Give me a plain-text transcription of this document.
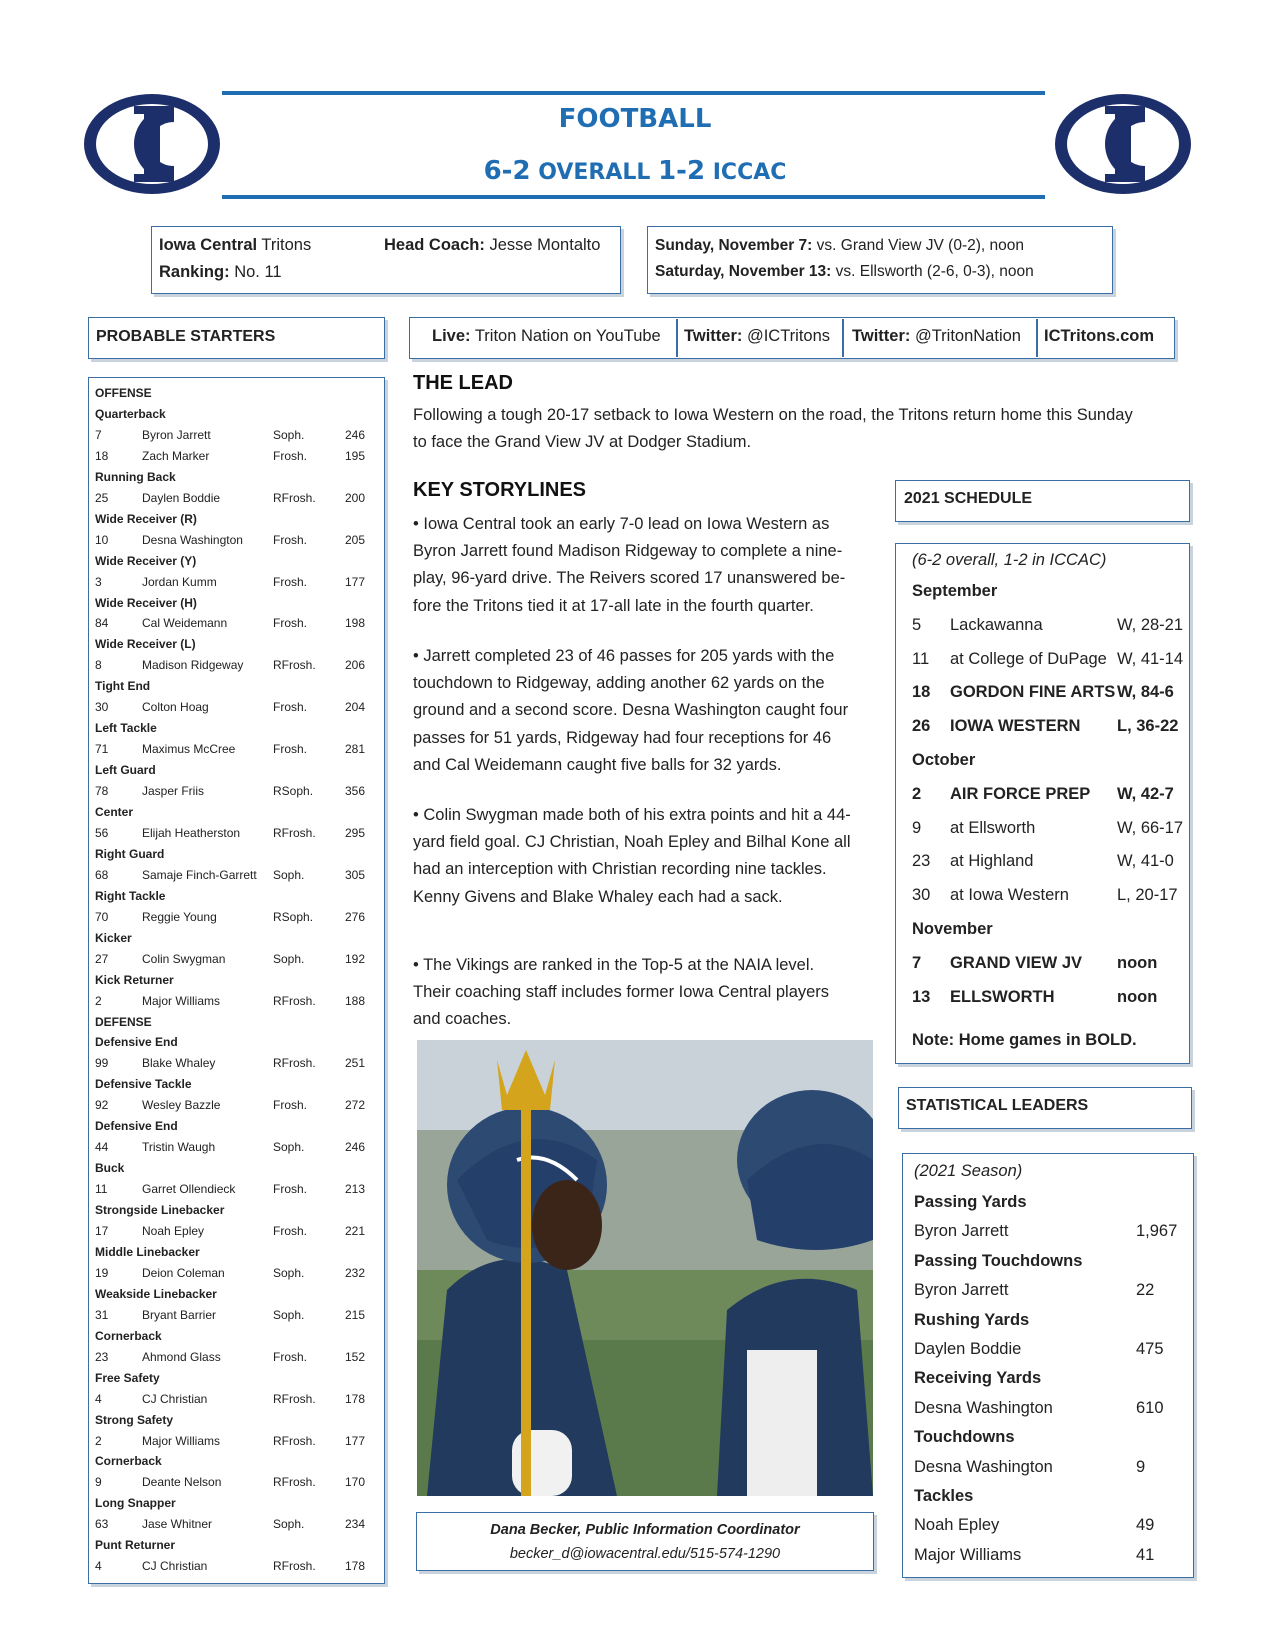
FOOTBALL
6-2 OVERALL 1-2 ICCAC
Iowa Central Tritons	Head Coach: Jesse Montalto
Ranking: No. 11
Sunday, November 7: vs. Grand View JV (0-2), noon
Saturday, November 13: vs. Ellsworth (2-6, 0-3), noon
PROBABLE STARTERS	Live: Triton Nation on YouTube Twitter: @ICTritons Twitter: @TritonNation ICTritons.com
OFFENSE
Quarterback
7	Byron Jarrett	Soph.	246
18	Zach Marker	Frosh.	195
Running Back
25	Daylen Boddie	RFrosh. 200
Wide Receiver (R)
10	Desna Washington	Frosh.	205
Wide Receiver (Y)
3	Jordan Kumm	Frosh.	177
Wide Receiver (H)
84	Cal Weidemann	Frosh.	198
Wide Receiver (L)
8	Madison Ridgeway RFrosh. 206
Tight End
30	Colton Hoag	Frosh.	204
Left Tackle
71	Maximus McCree	Frosh.	281
Left Guard
78	Jasper Friis	RSoph.	356
Center
56	Elijah Heatherston	RFrosh. 295
Right Guard
68	Samaje Finch-Garrett Soph.	305
Right Tackle
70	Reggie Young	RSoph.	276
Kicker
27	Colin Swygman	Soph.	192
Kick Returner
2	Major Williams	RFrosh. 188
DEFENSE
Defensive End
99	Blake Whaley	RFrosh. 251
Defensive Tackle
92	Wesley Bazzle	Frosh.	272
Defensive End
44	Tristin Waugh	Soph.	246
Buck
11	Garret Ollendieck	Frosh.	213
Strongside Linebacker
17	Noah Epley	Frosh.	221
Middle Linebacker
19	Deion Coleman	Soph.	232
Weakside Linebacker
31	Bryant Barrier	Soph.	215
Cornerback
23	Ahmond Glass	Frosh.	152
Free Safety
4	CJ Christian	RFrosh. 178
Strong Safety
2	Major Williams	RFrosh. 177
Cornerback
9	Deante Nelson	RFrosh. 170
Long Snapper
63	Jase Whitner	Soph.	234
Punt Returner
4	CJ Christian	RFrosh. 178
THE LEAD
Following a tough 20-17 setback to Iowa Western on the road, the Tritons return home this Sunday
to face the Grand View JV at Dodger Stadium.
KEY STORYLINES
• Iowa Central took an early 7-0 lead on Iowa Western as
Byron Jarrett found Madison Ridgeway to complete a nine-
play, 96-yard drive. The Reivers scored 17 unanswered be-
fore the Tritons tied it at 17-all late in the fourth quarter.
• Jarrett completed 23 of 46 passes for 205 yards with the
touchdown to Ridgeway, adding another 62 yards on the
ground and a second score. Desna Washington caught four
passes for 51 yards, Ridgeway had four receptions for 46
and Cal Weidemann caught five balls for 32 yards.
• Colin Swygman made both of his extra points and hit a 44-
yard field goal. CJ Christian, Noah Epley and Bilhal Kone all
had an interception with Christian recording nine tackles.
Kenny Givens and Blake Whaley each had a sack.
• The Vikings are ranked in the Top-5 at the NAIA level.
Their coaching staff includes former Iowa Central players
and coaches.
Dana Becker, Public Information Coordinator
becker_d@iowacentral.edu/515-574-1290
2021 SCHEDULE
(6-2 overall, 1-2 in ICCAC)
September
5 Lackawanna	W, 28-21
11 at College of DuPage W, 41-14
18 GORDON FINE ARTS W, 84-6
26 IOWA WESTERN L, 36-22
October
2 AIR FORCE PREP W, 42-7
9 at Ellsworth	W, 66-17
23 at Highland	W, 41-0
30 at Iowa Western	L, 20-17
November
7 GRAND VIEW JV noon
13 ELLSWORTH	noon
Note: Home games in BOLD.
STATISTICAL LEADERS
(2021 Season)
Passing Yards
Byron Jarrett	1,967
Passing Touchdowns
Byron Jarrett	22
Rushing Yards
Daylen Boddie	475
Receiving Yards
Desna Washington	610
Touchdowns
Desna Washington	9
Tackles
Noah Epley	49
Major Williams	41
